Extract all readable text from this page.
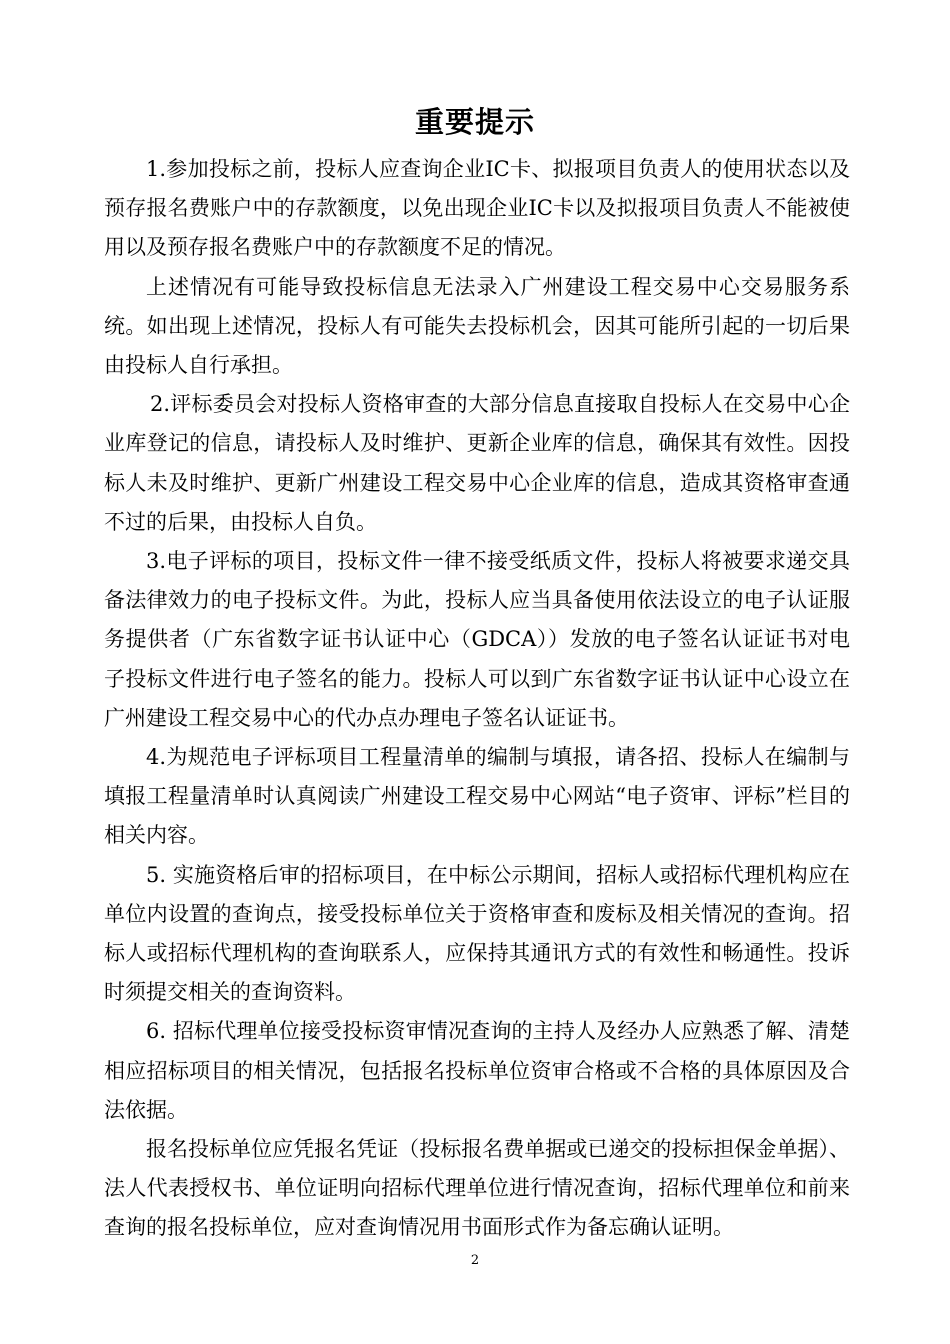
重要提示

1.参加投标之前，投标人应查询企业IC卡、拟报项目负责人的使用状态以及预存报名费账户中的存款额度，以免出现企业IC卡以及拟报项目负责人不能被使用以及预存报名费账户中的存款额度不足的情况。

上述情况有可能导致投标信息无法录入广州建设工程交易中心交易服务系统。如出现上述情况，投标人有可能失去投标机会，因其可能所引起的一切后果由投标人自行承担。

2.评标委员会对投标人资格审查的大部分信息直接取自投标人在交易中心企业库登记的信息，请投标人及时维护、更新企业库的信息，确保其有效性。因投标人未及时维护、更新广州建设工程交易中心企业库的信息，造成其资格审查通不过的后果，由投标人自负。

3.电子评标的项目，投标文件一律不接受纸质文件，投标人将被要求递交具备法律效力的电子投标文件。为此，投标人应当具备使用依法设立的电子认证服务提供者（广东省数字证书认证中心（GDCA））发放的电子签名认证证书对电子投标文件进行电子签名的能力。投标人可以到广东省数字证书认证中心设立在广州建设工程交易中心的代办点办理电子签名认证证书。

4.为规范电子评标项目工程量清单的编制与填报，请各招、投标人在编制与填报工程量清单时认真阅读广州建设工程交易中心网站“电子资审、评标”栏目的相关内容。

5. 实施资格后审的招标项目，在中标公示期间，招标人或招标代理机构应在单位内设置的查询点，接受投标单位关于资格审查和废标及相关情况的查询。招标人或招标代理机构的查询联系人，应保持其通讯方式的有效性和畅通性。投诉时须提交相关的查询资料。

6. 招标代理单位接受投标资审情况查询的主持人及经办人应熟悉了解、清楚相应招标项目的相关情况，包括报名投标单位资审合格或不合格的具体原因及合法依据。

报名投标单位应凭报名凭证（投标报名费单据或已递交的投标担保金单据）、法人代表授权书、单位证明向招标代理单位进行情况查询，招标代理单位和前来查询的报名投标单位，应对查询情况用书面形式作为备忘确认证明。

2
